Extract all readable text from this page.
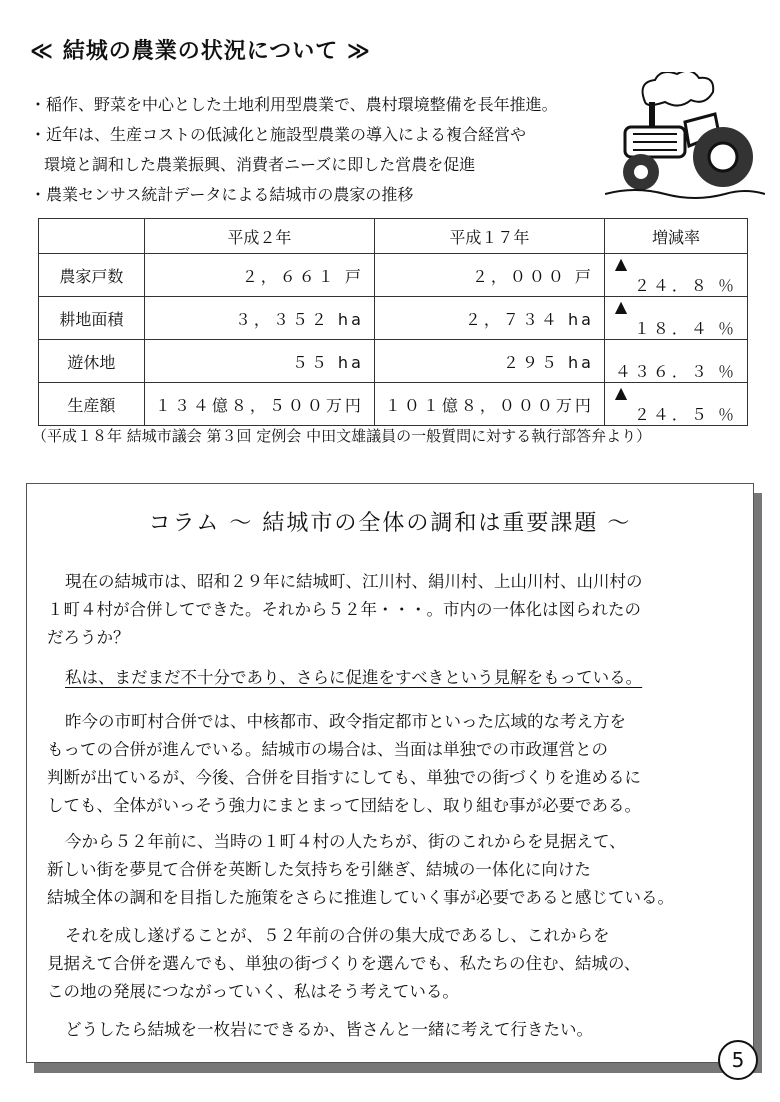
≪ 結城の農業の状況について ≫
・稲作、野菜を中心とした土地利用型農業で、農村環境整備を長年推進。
・近年は、生産コストの低減化と施設型農業の導入による複合経営や
環境と調和した農業振興、消費者ニーズに即した営農を促進
・農業センサス統計データによる結城市の農家の推移
	平成２年	平成１７年	増減率
農家戸数	２，６６１ 戸	２，０００ 戸	▲
２４．８ ％

耕地面積	３，３５２ ha	２，７３４ ha	▲
１８．４ ％

遊休地	５５ ha	２９５ ha	４３６．３ ％

生産額	１３４億８，５００万円	１０１億８，０００万円	▲
２４．５ ％
（平成１８年 結城市議会 第３回 定例会 中田文雄議員の一般質問に対する執行部答弁より）
コラム ～ 結城市の全体の調和は重要課題 ～
現在の結城市は、昭和２９年に結城町、江川村、絹川村、上山川村、山川村の
１町４村が合併してできた。それから５２年・・・。市内の一体化は図られたの
だろうか？
私は、まだまだ不十分であり、さらに促進をすべきという見解をもっている。
昨今の市町村合併では、中核都市、政令指定都市といった広域的な考え方を
もっての合併が進んでいる。結城市の場合は、当面は単独での市政運営との
判断が出ているが、今後、合併を目指すにしても、単独での街づくりを進めるに
しても、全体がいっそう強力にまとまって団結をし、取り組む事が必要である。
今から５２年前に、当時の１町４村の人たちが、街のこれからを見据えて、
新しい街を夢見て合併を英断した気持ちを引継ぎ、結城の一体化に向けた
結城全体の調和を目指した施策をさらに推進していく事が必要であると感じている。
それを成し遂げることが、５２年前の合併の集大成であるし、これからを
見据えて合併を選んでも、単独の街づくりを選んでも、私たちの住む、結城の、
この地の発展につながっていく、私はそう考えている。
どうしたら結城を一枚岩にできるか、皆さんと一緒に考えて行きたい。
5
